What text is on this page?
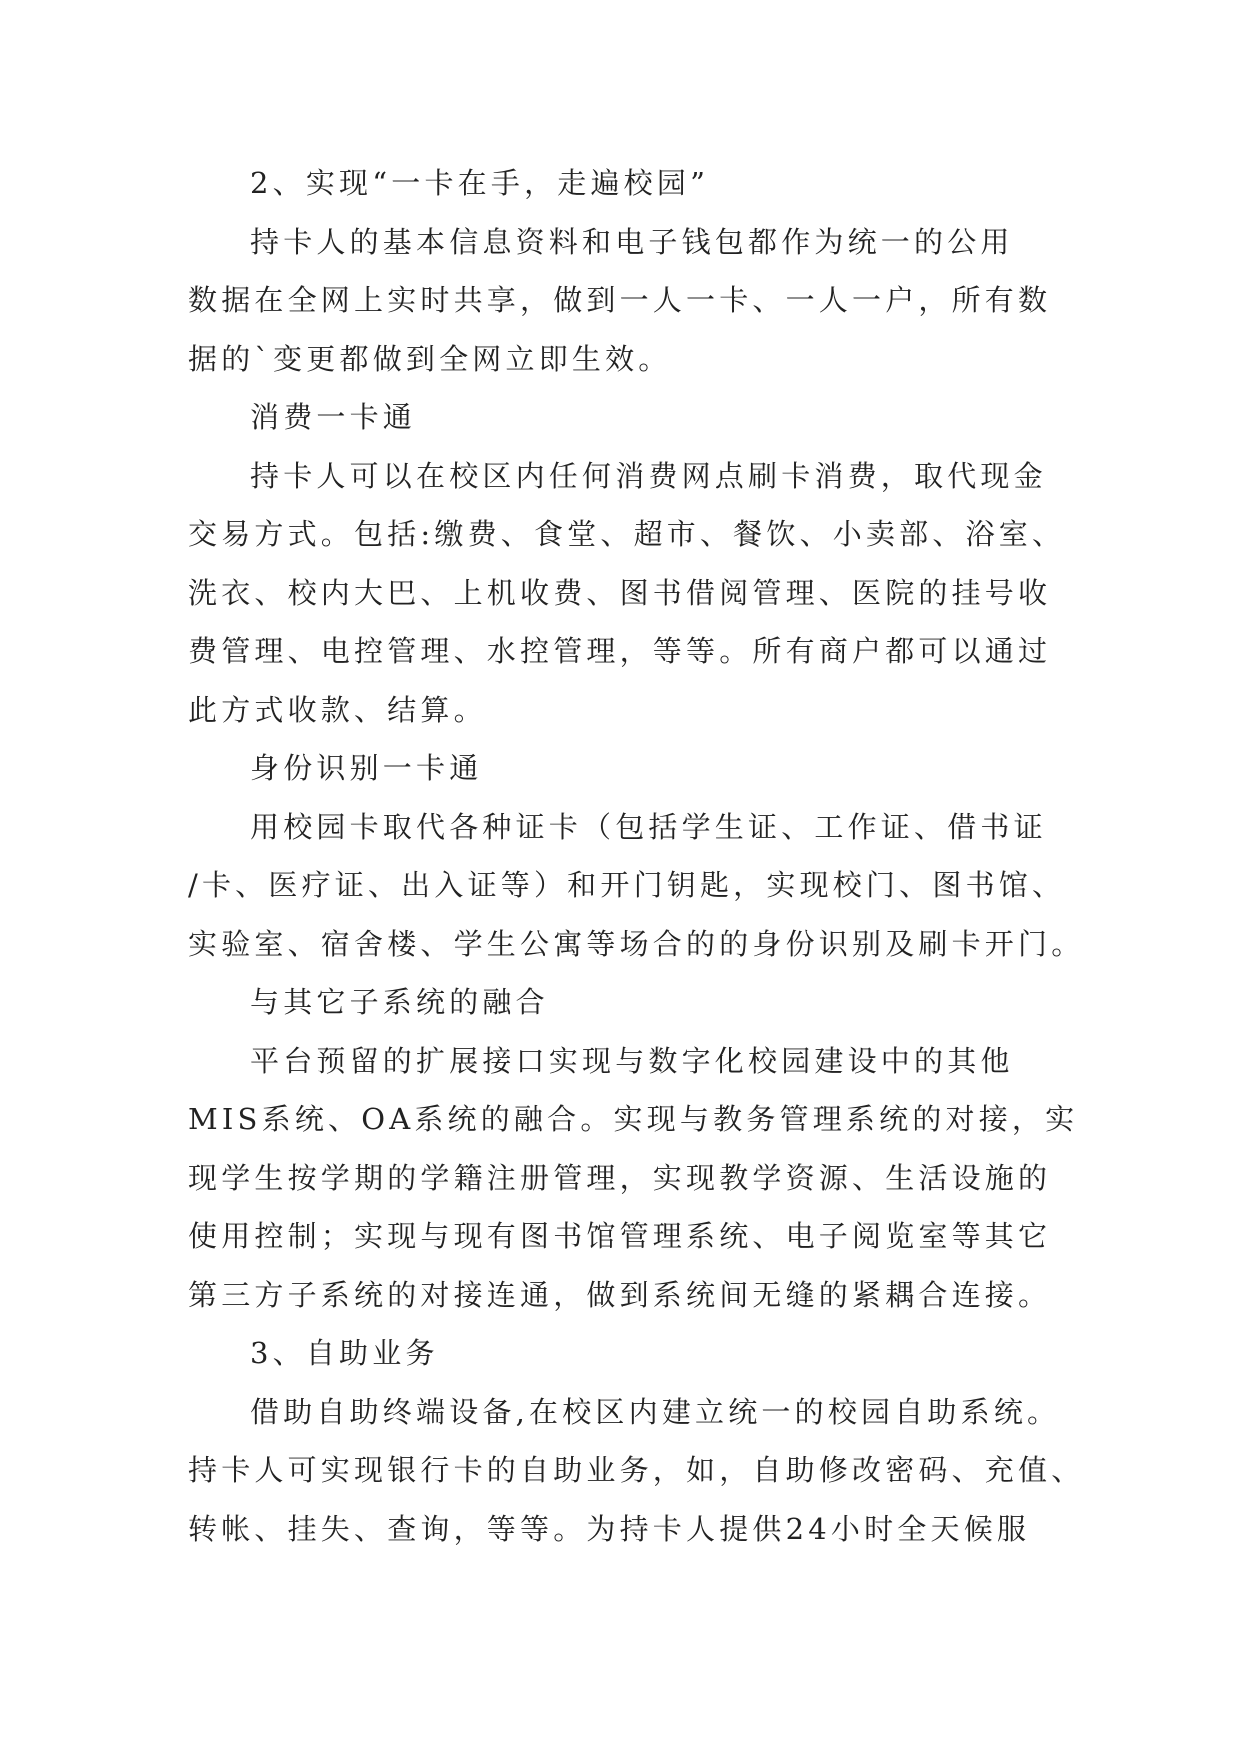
2、实现“一卡在手，走遍校园”

持卡人的基本信息资料和电子钱包都作为统一的公用

数据在全网上实时共享，做到一人一卡、一人一户，所有数

据的`变更都做到全网立即生效。

消费一卡通

持卡人可以在校区内任何消费网点刷卡消费，取代现金

交易方式。包括:缴费、食堂、超市、餐饮、小卖部、浴室、

洗衣、校内大巴、上机收费、图书借阅管理、医院的挂号收

费管理、电控管理、水控管理，等等。所有商户都可以通过

此方式收款、结算。

身份识别一卡通

用校园卡取代各种证卡（包括学生证、工作证、借书证

/卡、医疗证、出入证等）和开门钥匙，实现校门、图书馆、

实验室、宿舍楼、学生公寓等场合的的身份识别及刷卡开门。

与其它子系统的融合

平台预留的扩展接口实现与数字化校园建设中的其他

MIS系统、OA系统的融合。实现与教务管理系统的对接，实

现学生按学期的学籍注册管理，实现教学资源、生活设施的

使用控制；实现与现有图书馆管理系统、电子阅览室等其它

第三方子系统的对接连通，做到系统间无缝的紧耦合连接。

3、自助业务

借助自助终端设备,在校区内建立统一的校园自助系统。

持卡人可实现银行卡的自助业务，如，自助修改密码、充值、

转帐、挂失、查询，等等。为持卡人提供24小时全天候服
